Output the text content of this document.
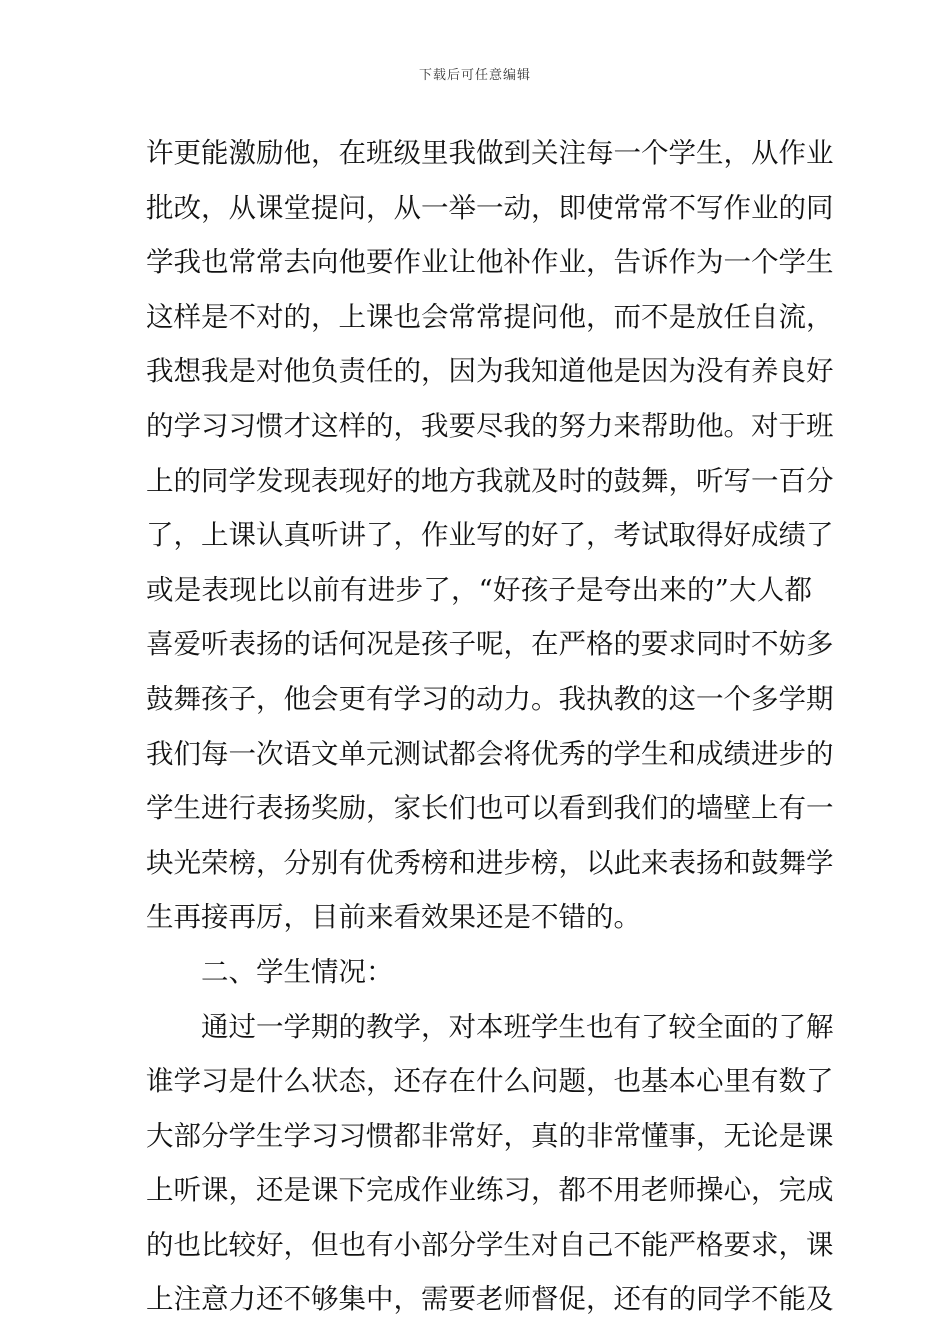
下载后可任意编辑
许更能激励他，在班级里我做到关注每一个学生，从作业
批改，从课堂提问，从一举一动，即使常常不写作业的同
学我也常常去向他要作业让他补作业，告诉作为一个学生
这样是不对的，上课也会常常提问他，而不是放任自流，
我想我是对他负责任的，因为我知道他是因为没有养良好
的学习习惯才这样的，我要尽我的努力来帮助他。对于班
上的同学发现表现好的地方我就及时的鼓舞，听写一百分
了，上课认真听讲了，作业写的好了，考试取得好成绩了
或是表现比以前有进步了，“好孩子是夸出来的”大人都
喜爱听表扬的话何况是孩子呢，在严格的要求同时不妨多
鼓舞孩子，他会更有学习的动力。我执教的这一个多学期
我们每一次语文单元测试都会将优秀的学生和成绩进步的
学生进行表扬奖励，家长们也可以看到我们的墙壁上有一
块光荣榜，分别有优秀榜和进步榜，以此来表扬和鼓舞学
生再接再厉，目前来看效果还是不错的。
二、学生情况：
通过一学期的教学，对本班学生也有了较全面的了解
谁学习是什么状态，还存在什么问题，也基本心里有数了
大部分学生学习习惯都非常好，真的非常懂事，无论是课
上听课，还是课下完成作业练习，都不用老师操心，完成
的也比较好，但也有小部分学生对自己不能严格要求，课
上注意力还不够集中，需要老师督促，还有的同学不能及
